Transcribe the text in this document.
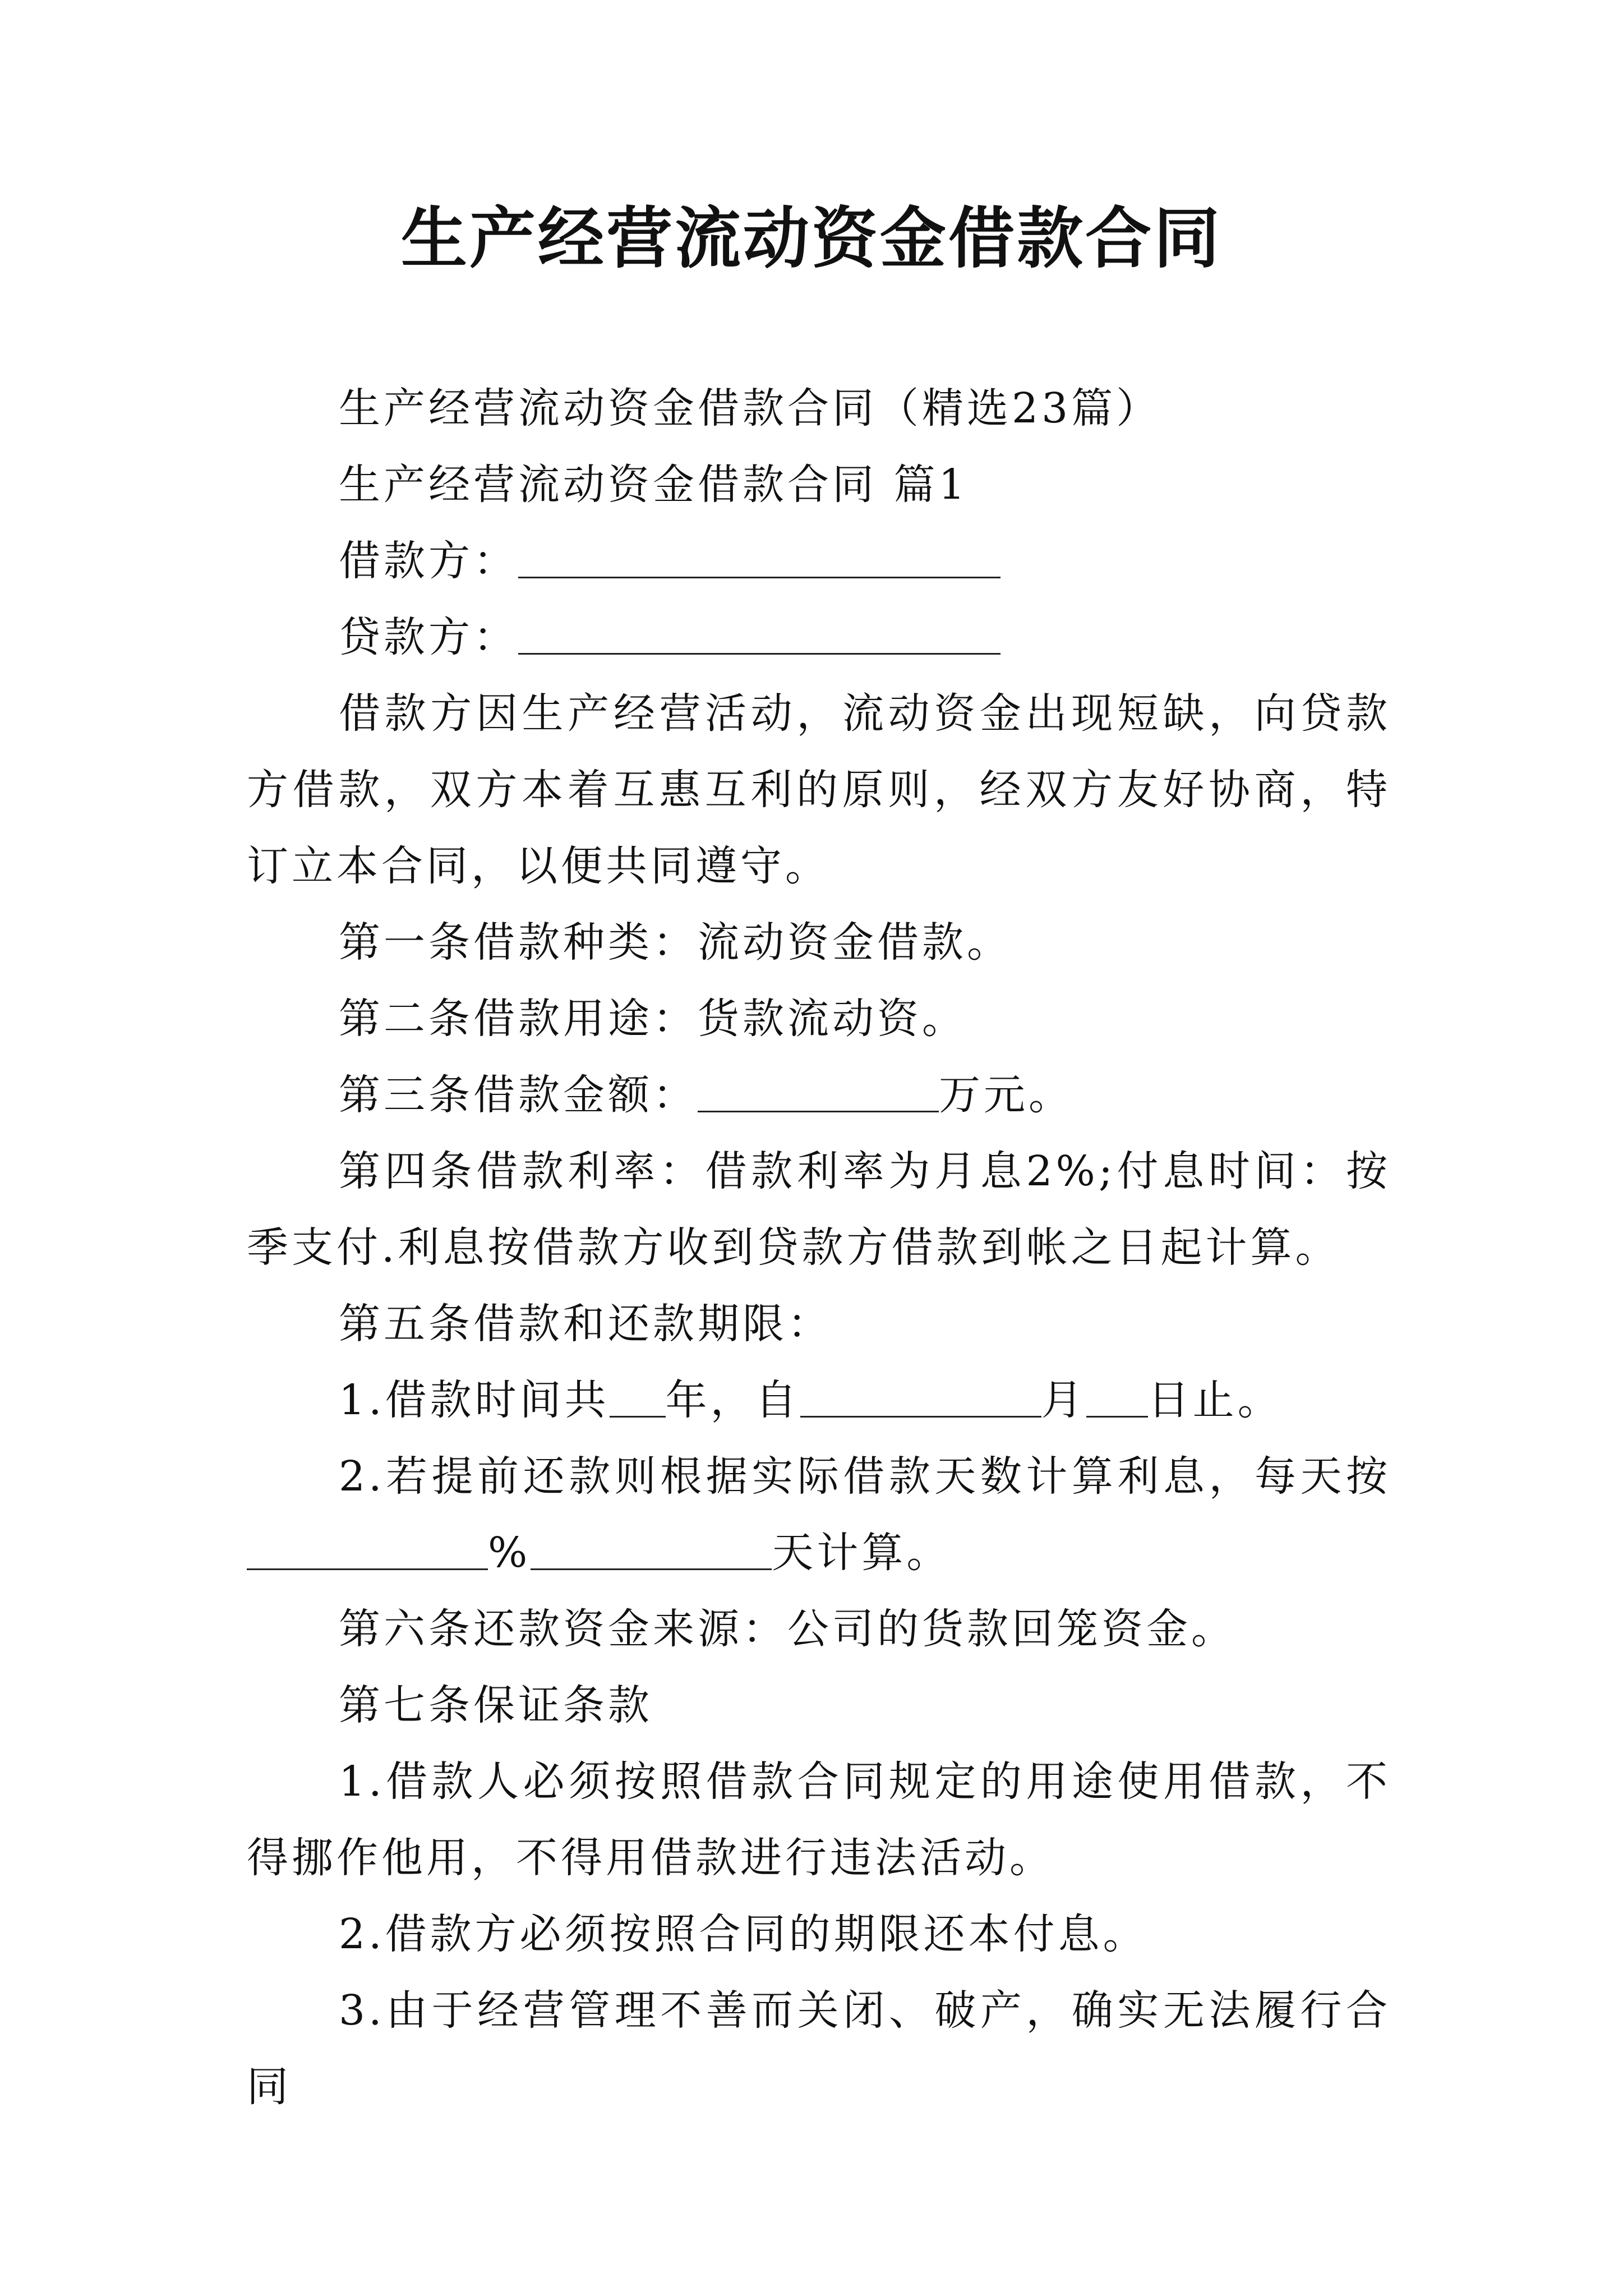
生产经营流动资金借款合同

生产经营流动资金借款合同（精选23篇）

生产经营流动资金借款合同 篇1

借款方：

贷款方：

借款方因生产经营活动，流动资金出现短缺，向贷款方借款，双方本着互惠互利的原则，经双方友好协商，特订立本合同，以便共同遵守。

第一条借款种类：流动资金借款。

第二条借款用途：货款流动资。

第三条借款金额：	万元。

第四条借款利率：借款利率为月息2%;付息时间：按季支付.利息按借款方收到贷款方借款到帐之日起计算。

第五条借款和还款期限：

1.借款时间共 年，自	月 日止。

2.若提前还款则根据实际借款天数计算利息，每天按%	天计算。

第六条还款资金来源：公司的货款回笼资金。

第七条保证条款

1.借款人必须按照借款合同规定的用途使用借款，不得挪作他用，不得用借款进行违法活动。

2.借款方必须按照合同的期限还本付息。

3.由于经营管理不善而关闭、破产，确实无法履行合同
